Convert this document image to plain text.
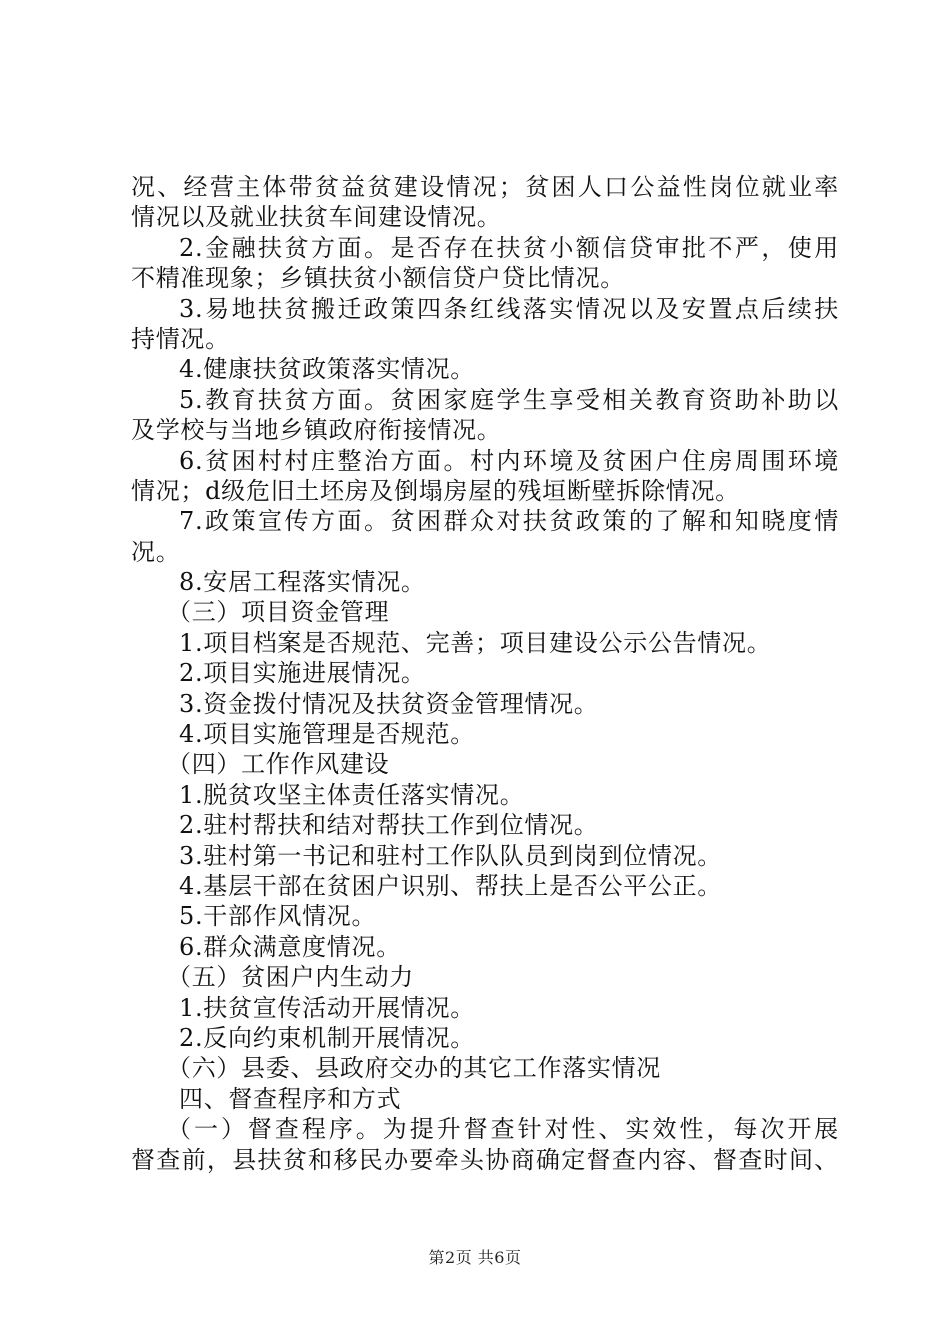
况、经营主体带贫益贫建设情况；贫困人口公益性岗位就业率
情况以及就业扶贫车间建设情况。
2.金融扶贫方面。是否存在扶贫小额信贷审批不严，使用
不精准现象；乡镇扶贫小额信贷户贷比情况。
3.易地扶贫搬迁政策四条红线落实情况以及安置点后续扶
持情况。
4.健康扶贫政策落实情况。
5.教育扶贫方面。贫困家庭学生享受相关教育资助补助以
及学校与当地乡镇政府衔接情况。
6.贫困村村庄整治方面。村内环境及贫困户住房周围环境
情况；d级危旧土坯房及倒塌房屋的残垣断壁拆除情况。
7.政策宣传方面。贫困群众对扶贫政策的了解和知晓度情
况。
8.安居工程落实情况。
（三）项目资金管理
1.项目档案是否规范、完善；项目建设公示公告情况。
2.项目实施进展情况。
3.资金拨付情况及扶贫资金管理情况。
4.项目实施管理是否规范。
（四）工作作风建设
1.脱贫攻坚主体责任落实情况。
2.驻村帮扶和结对帮扶工作到位情况。
3.驻村第一书记和驻村工作队队员到岗到位情况。
4.基层干部在贫困户识别、帮扶上是否公平公正。
5.干部作风情况。
6.群众满意度情况。
（五）贫困户内生动力
1.扶贫宣传活动开展情况。
2.反向约束机制开展情况。
（六）县委、县政府交办的其它工作落实情况
四、督查程序和方式
（一）督查程序。为提升督查针对性、实效性，每次开展
督查前，县扶贫和移民办要牵头协商确定督查内容、督查时间、
第2页 共6页
